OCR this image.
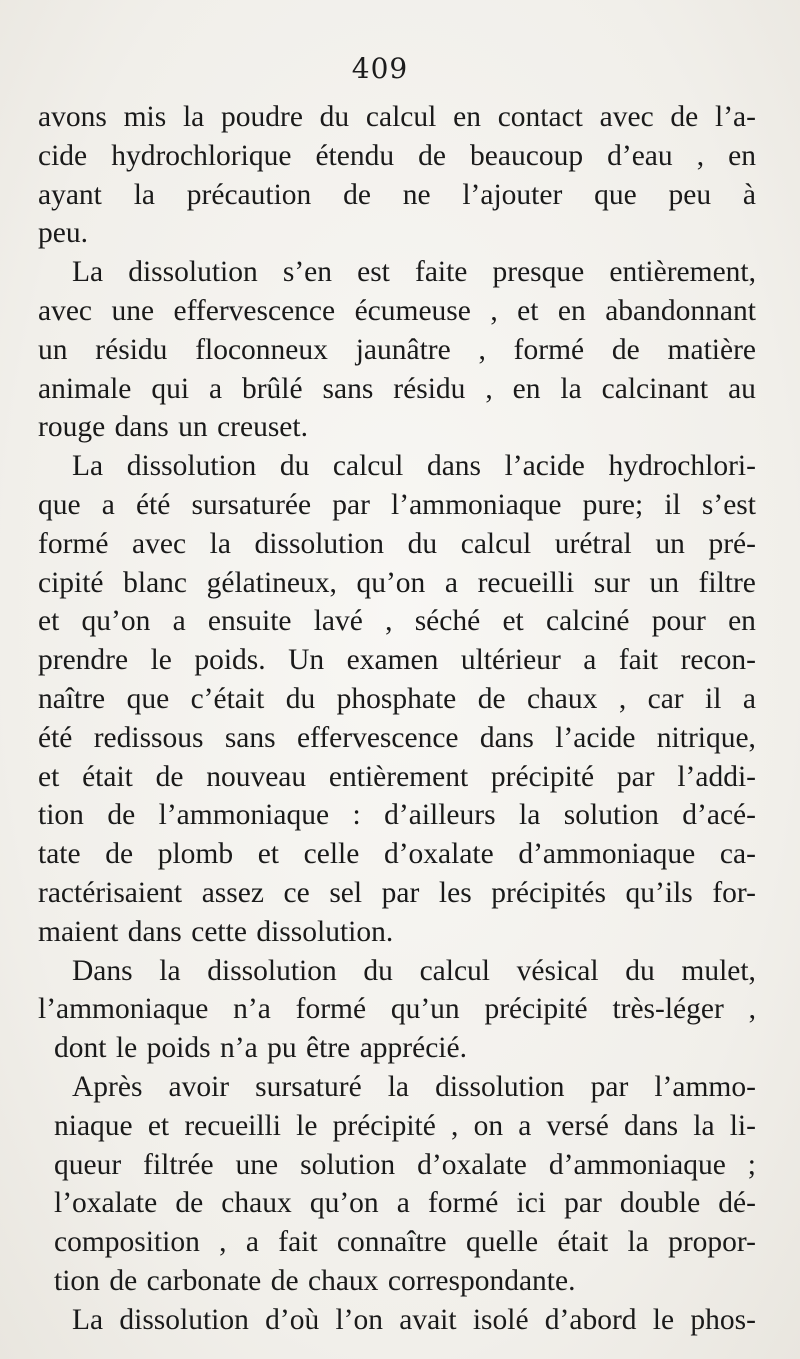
409
avons mis la poudre du calcul en contact avec de l’a-
cide hydrochlorique étendu de beaucoup d’eau , en
ayant la précaution de ne l’ajouter que peu à
peu.
La dissolution s’en est faite presque entièrement,
avec une effervescence écumeuse , et en abandonnant
un résidu floconneux jaunâtre , formé de matière
animale qui a brûlé sans résidu , en la calcinant au
rouge dans un creuset.
La dissolution du calcul dans l’acide hydrochlori-
que a été sursaturée par l’ammoniaque pure; il s’est
formé avec la dissolution du calcul urétral un pré-
cipité blanc gélatineux, qu’on a recueilli sur un filtre
et qu’on a ensuite lavé , séché et calciné pour en
prendre le poids. Un examen ultérieur a fait recon-
naître que c’était du phosphate de chaux , car il a
été redissous sans effervescence dans l’acide nitrique,
et était de nouveau entièrement précipité par l’addi-
tion de l’ammoniaque : d’ailleurs la solution d’acé-
tate de plomb et celle d’oxalate d’ammoniaque ca-
ractérisaient assez ce sel par les précipités qu’ils for-
maient dans cette dissolution.
Dans la dissolution du calcul vésical du mulet,
l’ammoniaque n’a formé qu’un précipité très-léger ,
dont le poids n’a pu être apprécié.
Après avoir sursaturé la dissolution par l’ammo-
niaque et recueilli le précipité , on a versé dans la li-
queur filtrée une solution d’oxalate d’ammoniaque ;
l’oxalate de chaux qu’on a formé ici par double dé-
composition , a fait connaître quelle était la propor-
tion de carbonate de chaux correspondante.
La dissolution d’où l’on avait isolé d’abord le phos-
